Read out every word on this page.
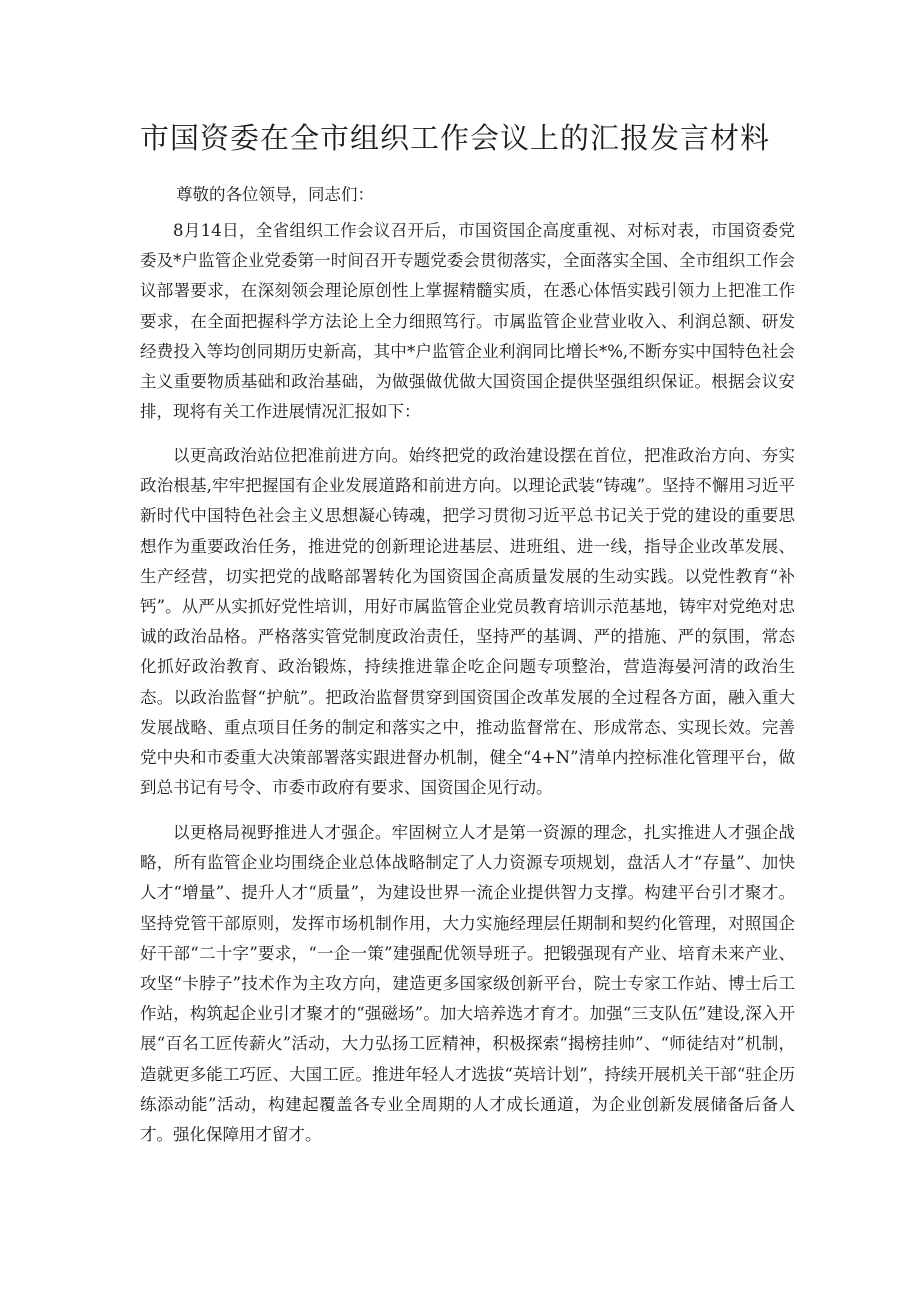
市国资委在全市组织工作会议上的汇报发言材料

尊敬的各位领导，同志们：

8月14日，全省组织工作会议召开后，市国资国企高度重视、对标对表，市国资委党委及*户监管企业党委第一时间召开专题党委会贯彻落实，全面落实全国、全市组织工作会议部署要求，在深刻领会理论原创性上掌握精髓实质，在悉心体悟实践引领力上把准工作要求，在全面把握科学方法论上全力细照笃行。市属监管企业营业收入、利润总额、研发经费投入等均创同期历史新高，其中*户监管企业利润同比增长*%,不断夯实中国特色社会主义重要物质基础和政治基础，为做强做优做大国资国企提供坚强组织保证。根据会议安排，现将有关工作进展情况汇报如下：

以更高政治站位把准前进方向。始终把党的政治建设摆在首位，把准政治方向、夯实政治根基,牢牢把握国有企业发展道路和前进方向。以理论武装“铸魂”。坚持不懈用习近平新时代中国特色社会主义思想凝心铸魂，把学习贯彻习近平总书记关于党的建设的重要思想作为重要政治任务，推进党的创新理论进基层、进班组、进一线，指导企业改革发展、生产经营，切实把党的战略部署转化为国资国企高质量发展的生动实践。以党性教育“补钙”。从严从实抓好党性培训，用好市属监管企业党员教育培训示范基地，铸牢对党绝对忠诚的政治品格。严格落实管党制度政治责任，坚持严的基调、严的措施、严的氛围，常态化抓好政治教育、政治锻炼，持续推进靠企吃企问题专项整治，营造海晏河清的政治生态。以政治监督“护航”。把政治监督贯穿到国资国企改革发展的全过程各方面，融入重大发展战略、重点项目任务的制定和落实之中，推动监督常在、形成常态、实现长效。完善党中央和市委重大决策部署落实跟进督办机制，健全“4+N”清单内控标准化管理平台，做到总书记有号令、市委市政府有要求、国资国企见行动。

以更格局视野推进人才强企。牢固树立人才是第一资源的理念，扎实推进人才强企战略，所有监管企业均围绕企业总体战略制定了人力资源专项规划，盘活人才“存量”、加快人才“增量”、提升人才“质量”，为建设世界一流企业提供智力支撑。构建平台引才聚才。坚持党管干部原则，发挥市场机制作用，大力实施经理层任期制和契约化管理，对照国企好干部“二十字”要求，“一企一策”建强配优领导班子。把锻强现有产业、培育未来产业、攻坚“卡脖子”技术作为主攻方向，建造更多国家级创新平台，院士专家工作站、博士后工作站，构筑起企业引才聚才的“强磁场”。加大培养选才育才。加强“三支队伍”建设,深入开展“百名工匠传薪火”活动，大力弘扬工匠精神，积极探索“揭榜挂帅”、“师徒结对”机制，造就更多能工巧匠、大国工匠。推进年轻人才选拔“英培计划”，持续开展机关干部“驻企历练添动能”活动，构建起覆盖各专业全周期的人才成长通道，为企业创新发展储备后备人才。强化保障用才留才。
